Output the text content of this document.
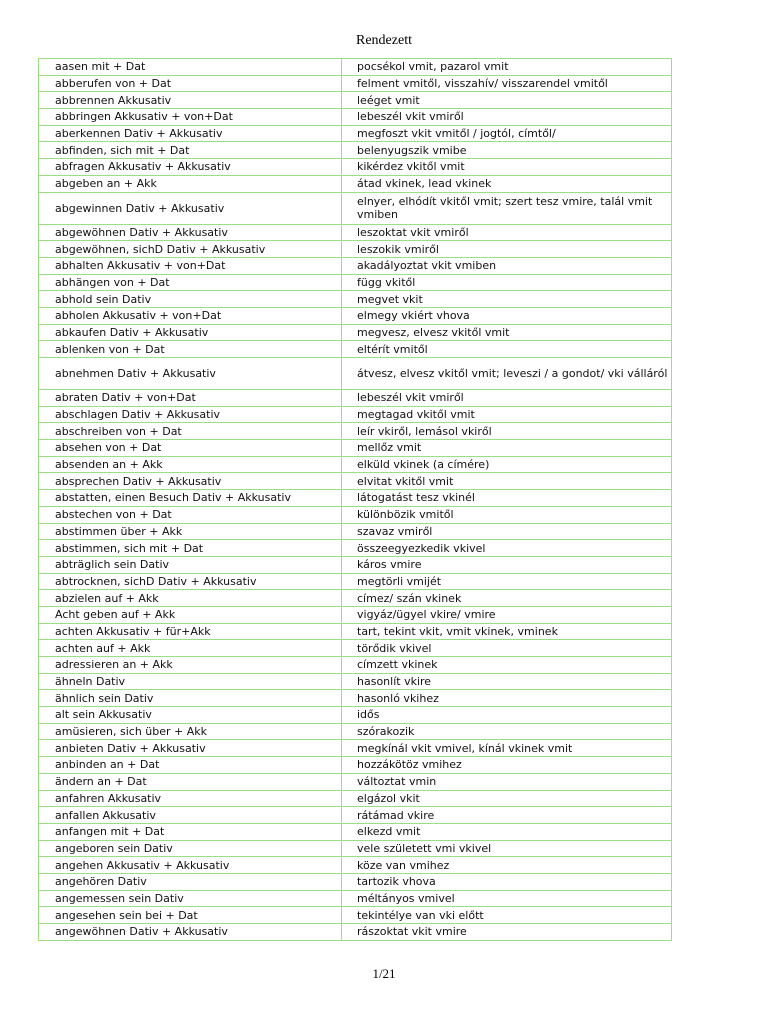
Rendezett
aasen mit + Dat	pocsékol vmit, pazarol vmit
abberufen von + Dat	felment vmitől, visszahív/ visszarendel vmitől
abbrennen Akkusativ	leéget vmit
abbringen Akkusativ + von+Dat	lebeszél vkit vmiről
aberkennen Dativ + Akkusativ	megfoszt vkit vmitől / jogtól, címtől/
abfinden, sich mit + Dat	belenyugszik vmibe
abfragen Akkusativ + Akkusativ	kikérdez vkitől vmit
abgeben an + Akk	átad vkinek, lead vkinek
abgewinnen Dativ + Akkusativ	elnyer, elhódít vkitől vmit; szert tesz vmire, talál vmit vmiben
abgewöhnen Dativ + Akkusativ	leszoktat vkit vmiről
abgewöhnen, sichD Dativ + Akkusativ	leszokik vmiről
abhalten Akkusativ + von+Dat	akadályoztat vkit vmiben
abhängen von + Dat	függ vkitől
abhold sein Dativ	megvet vkit
abholen Akkusativ + von+Dat	elmegy vkiért vhova
abkaufen Dativ + Akkusativ	megvesz, elvesz vkitől vmit
ablenken von + Dat	eltérít vmitől
abnehmen Dativ + Akkusativ	átvesz, elvesz vkitől vmit; leveszi / a gondot/ vki válláról
abraten Dativ + von+Dat	lebeszél vkit vmiről
abschlagen Dativ + Akkusativ	megtagad vkitől vmit
abschreiben von + Dat	leír vkiről, lemásol vkiről
absehen von + Dat	mellőz vmit
absenden an + Akk	elküld vkinek (a címére)
absprechen Dativ + Akkusativ	elvitat vkitől vmit
abstatten, einen Besuch Dativ + Akkusativ	látogatást tesz vkinél
abstechen von + Dat	különbözik vmitől
abstimmen über + Akk	szavaz vmiről
abstimmen, sich mit + Dat	összeegyezkedik vkivel
abträglich sein Dativ	káros vmire
abtrocknen, sichD Dativ + Akkusativ	megtörli vmijét
abzielen auf + Akk	címez/ szán vkinek
Acht geben auf + Akk	vigyáz/ügyel vkire/ vmire
achten Akkusativ + für+Akk	tart, tekint vkit, vmit vkinek, vminek
achten auf + Akk	törődik vkivel
adressieren an + Akk	címzett vkinek
ähneln Dativ	hasonlít vkire
ähnlich sein Dativ	hasonló vkihez
alt sein Akkusativ	idős
amüsieren, sich über + Akk	szórakozik
anbieten Dativ + Akkusativ	megkínál vkit vmivel, kínál vkinek vmit
anbinden an + Dat	hozzákötöz vmihez
ändern an + Dat	változtat vmin
anfahren Akkusativ	elgázol vkit
anfallen Akkusativ	rátámad vkire
anfangen mit + Dat	elkezd vmit
angeboren sein Dativ	vele született vmi vkivel
angehen Akkusativ + Akkusativ	köze van vmihez
angehören Dativ	tartozik vhova
angemessen sein Dativ	méltányos vmivel
angesehen sein bei + Dat	tekintélye van vki előtt
angewöhnen Dativ + Akkusativ	rászoktat vkit vmire
1/21
